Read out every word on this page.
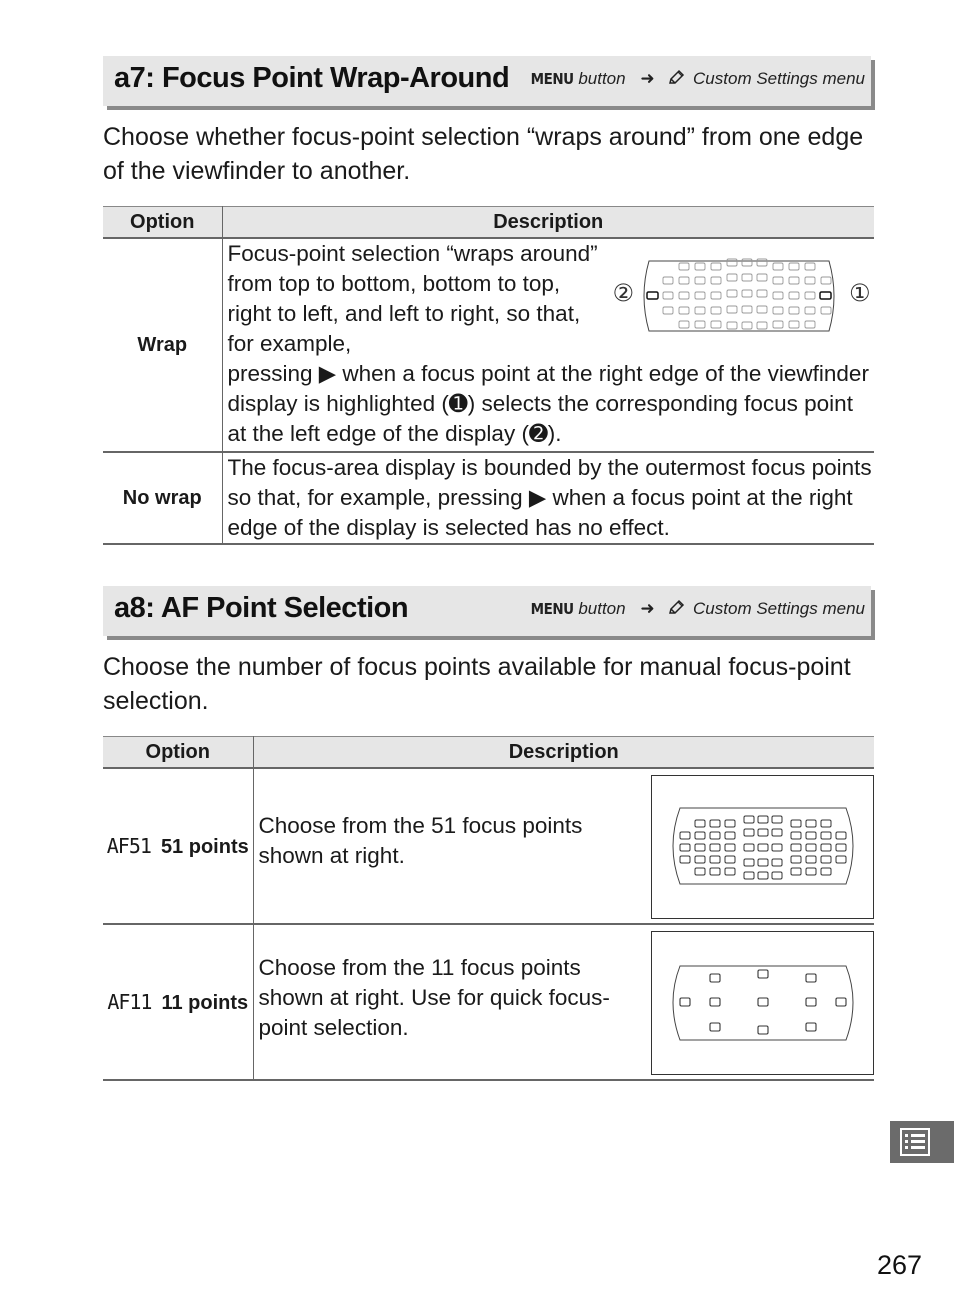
a7: Focus Point Wrap-Around MENU button ➜ Custom Settings menu
Choose whether focus-point selection “wraps around” from one edge of the viewfinder to another.
Option	Description
Wrap	Focus-point selection “wraps around” from top to bottom, bottom to top, right to left, and left to right, so that, for example,
pressing ▶ when a focus point at the right edge of the viewfinder display is highlighted (➊) selects the corresponding focus point at the left edge of the display (➋).
② ①

No wrap	The focus-area display is bounded by the outermost focus points so that, for example, pressing ▶ when a focus point at the right edge of the display is selected has no effect.
a8: AF Point Selection	MENU button ➜ Custom Settings menu
Choose the number of focus points available for manual focus-point selection.
Option	Description	
AF51 51 points	Choose from the 51 focus points shown at right.	

AF11 11 points	Choose from the 11 focus points shown at right. Use for quick focus-point selection.	
267
